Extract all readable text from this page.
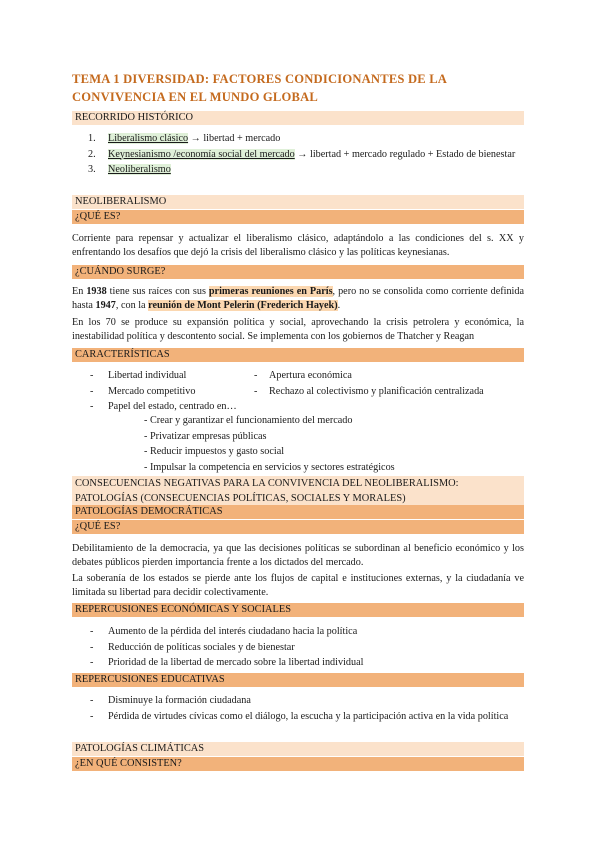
TEMA 1 DIVERSIDAD: FACTORES CONDICIONANTES DE LA CONVIVENCIA EN EL MUNDO GLOBAL
RECORRIDO HISTÓRICO
1. Liberalismo clásico → libertad + mercado
2. Keynesianismo /economía social del mercado → libertad + mercado regulado + Estado de bienestar
3. Neoliberalismo
NEOLIBERALISMO
¿QUÉ ES?
Corriente para repensar y actualizar el liberalismo clásico, adaptándolo a las condiciones del s. XX y enfrentando los desafíos que dejó la crisis del liberalismo clásico y las políticas keynesianas.
¿CUÁNDO SURGE?
En 1938 tiene sus raíces con sus primeras reuniones en París, pero no se consolida como corriente definida hasta 1947, con la reunión de Mont Pelerin (Frederich Hayek).
En los 70 se produce su expansión política y social, aprovechando la crisis petrolera y económica, la inestabilidad política y descontento social. Se implementa con los gobiernos de Thatcher y Reagan
CARACTERÍSTICAS
- Libertad individual
- Mercado competitivo
- Papel del estado, centrado en…
- Apertura económica
- Rechazo al colectivismo y planificación centralizada
- Crear y garantizar el funcionamiento del mercado
- Privatizar empresas públicas
- Reducir impuestos y gasto social
- Impulsar la competencia en servicios y sectores estratégicos
CONSECUENCIAS NEGATIVAS PARA LA CONVIVENCIA DEL NEOLIBERALISMO:
PATOLOGÍAS (CONSECUENCIAS POLÍTICAS, SOCIALES Y MORALES)
PATOLOGÍAS DEMOCRÁTICAS
¿QUÉ ES?
Debilitamiento de la democracia, ya que las decisiones políticas se subordinan al beneficio económico y los debates públicos pierden importancia frente a los dictados del mercado.
La soberanía de los estados se pierde ante los flujos de capital e instituciones externas, y la ciudadanía ve limitada su libertad para decidir colectivamente.
REPERCUSIONES ECONÓMICAS Y SOCIALES
- Aumento de la pérdida del interés ciudadano hacia la política
- Reducción de políticas sociales y de bienestar
- Prioridad de la libertad de mercado sobre la libertad individual
REPERCUSIONES EDUCATIVAS
- Disminuye la formación ciudadana
- Pérdida de virtudes cívicas como el diálogo, la escucha y la participación activa en la vida política
PATOLOGÍAS CLIMÁTICAS
¿EN QUÉ CONSISTEN?
